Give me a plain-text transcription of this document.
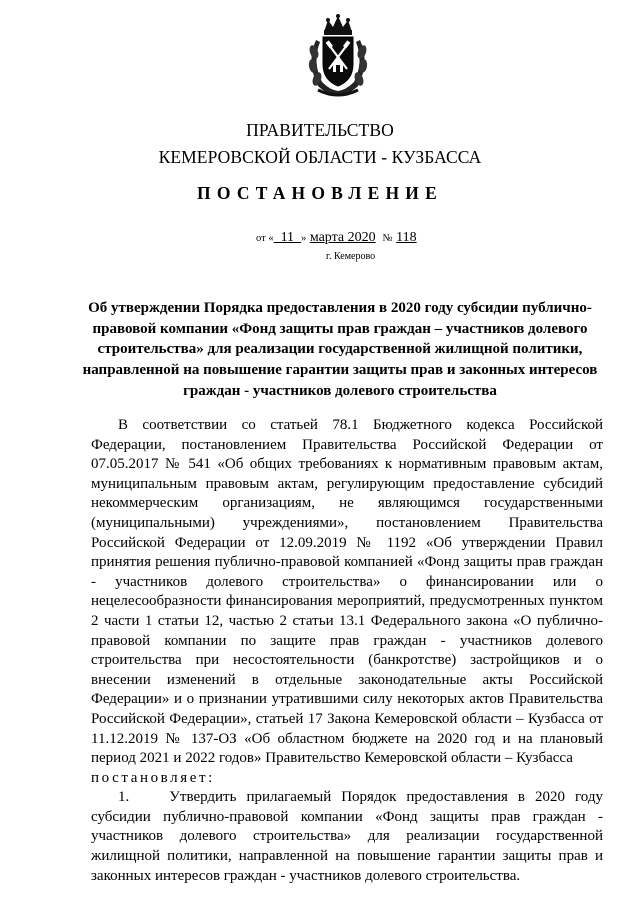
ПРАВИТЕЛЬСТВО
КЕМЕРОВСКОЙ ОБЛАСТИ - КУЗБАССА
ПОСТАНОВЛЕНИЕ
от « 11 » марта 2020 № 118
г. Кемерово
Об утверждении Порядка предоставления в 2020 году субсидии публично-правовой компании «Фонд защиты прав граждан – участников долевого строительства» для реализации государственной жилищной политики, направленной на повышение гарантии защиты прав и законных интересов граждан - участников долевого строительства

В соответствии со статьей 78.1 Бюджетного кодекса Российской Федерации, постановлением Правительства Российской Федерации от 07.05.2017 № 541 «Об общих требованиях к нормативным правовым актам, муниципальным правовым актам, регулирующим предоставление субсидий некоммерческим организациям, не являющимся государственными (муниципальными) учреждениями», постановлением Правительства Российской Федерации от 12.09.2019 № 1192 «Об утверждении Правил принятия решения публично-правовой компанией «Фонд защиты прав граждан - участников долевого строительства» о финансировании или о нецелесообразности финансирования мероприятий, предусмотренных пунктом 2 части 1 статьи 12, частью 2 статьи 13.1 Федерального закона «О публично-правовой компании по защите прав граждан - участников долевого строительства при несостоятельности (банкротстве) застройщиков и о внесении изменений в отдельные законодательные акты Российской Федерации» и о признании утратившими силу некоторых актов Правительства Российской Федерации», статьей 17 Закона Кемеровской области – Кузбасса от 11.12.2019 № 137-ОЗ «Об областном бюджете на 2020 год и на плановый период 2021 и 2022 годов» Правительство Кемеровской области – Кузбасса

постановляет:

1.    Утвердить прилагаемый Порядок предоставления в 2020 году субсидии публично-правовой компании «Фонд защиты прав граждан - участников долевого строительства» для реализации государственной жилищной политики, направленной на повышение гарантии защиты прав и законных интересов граждан - участников долевого строительства.
